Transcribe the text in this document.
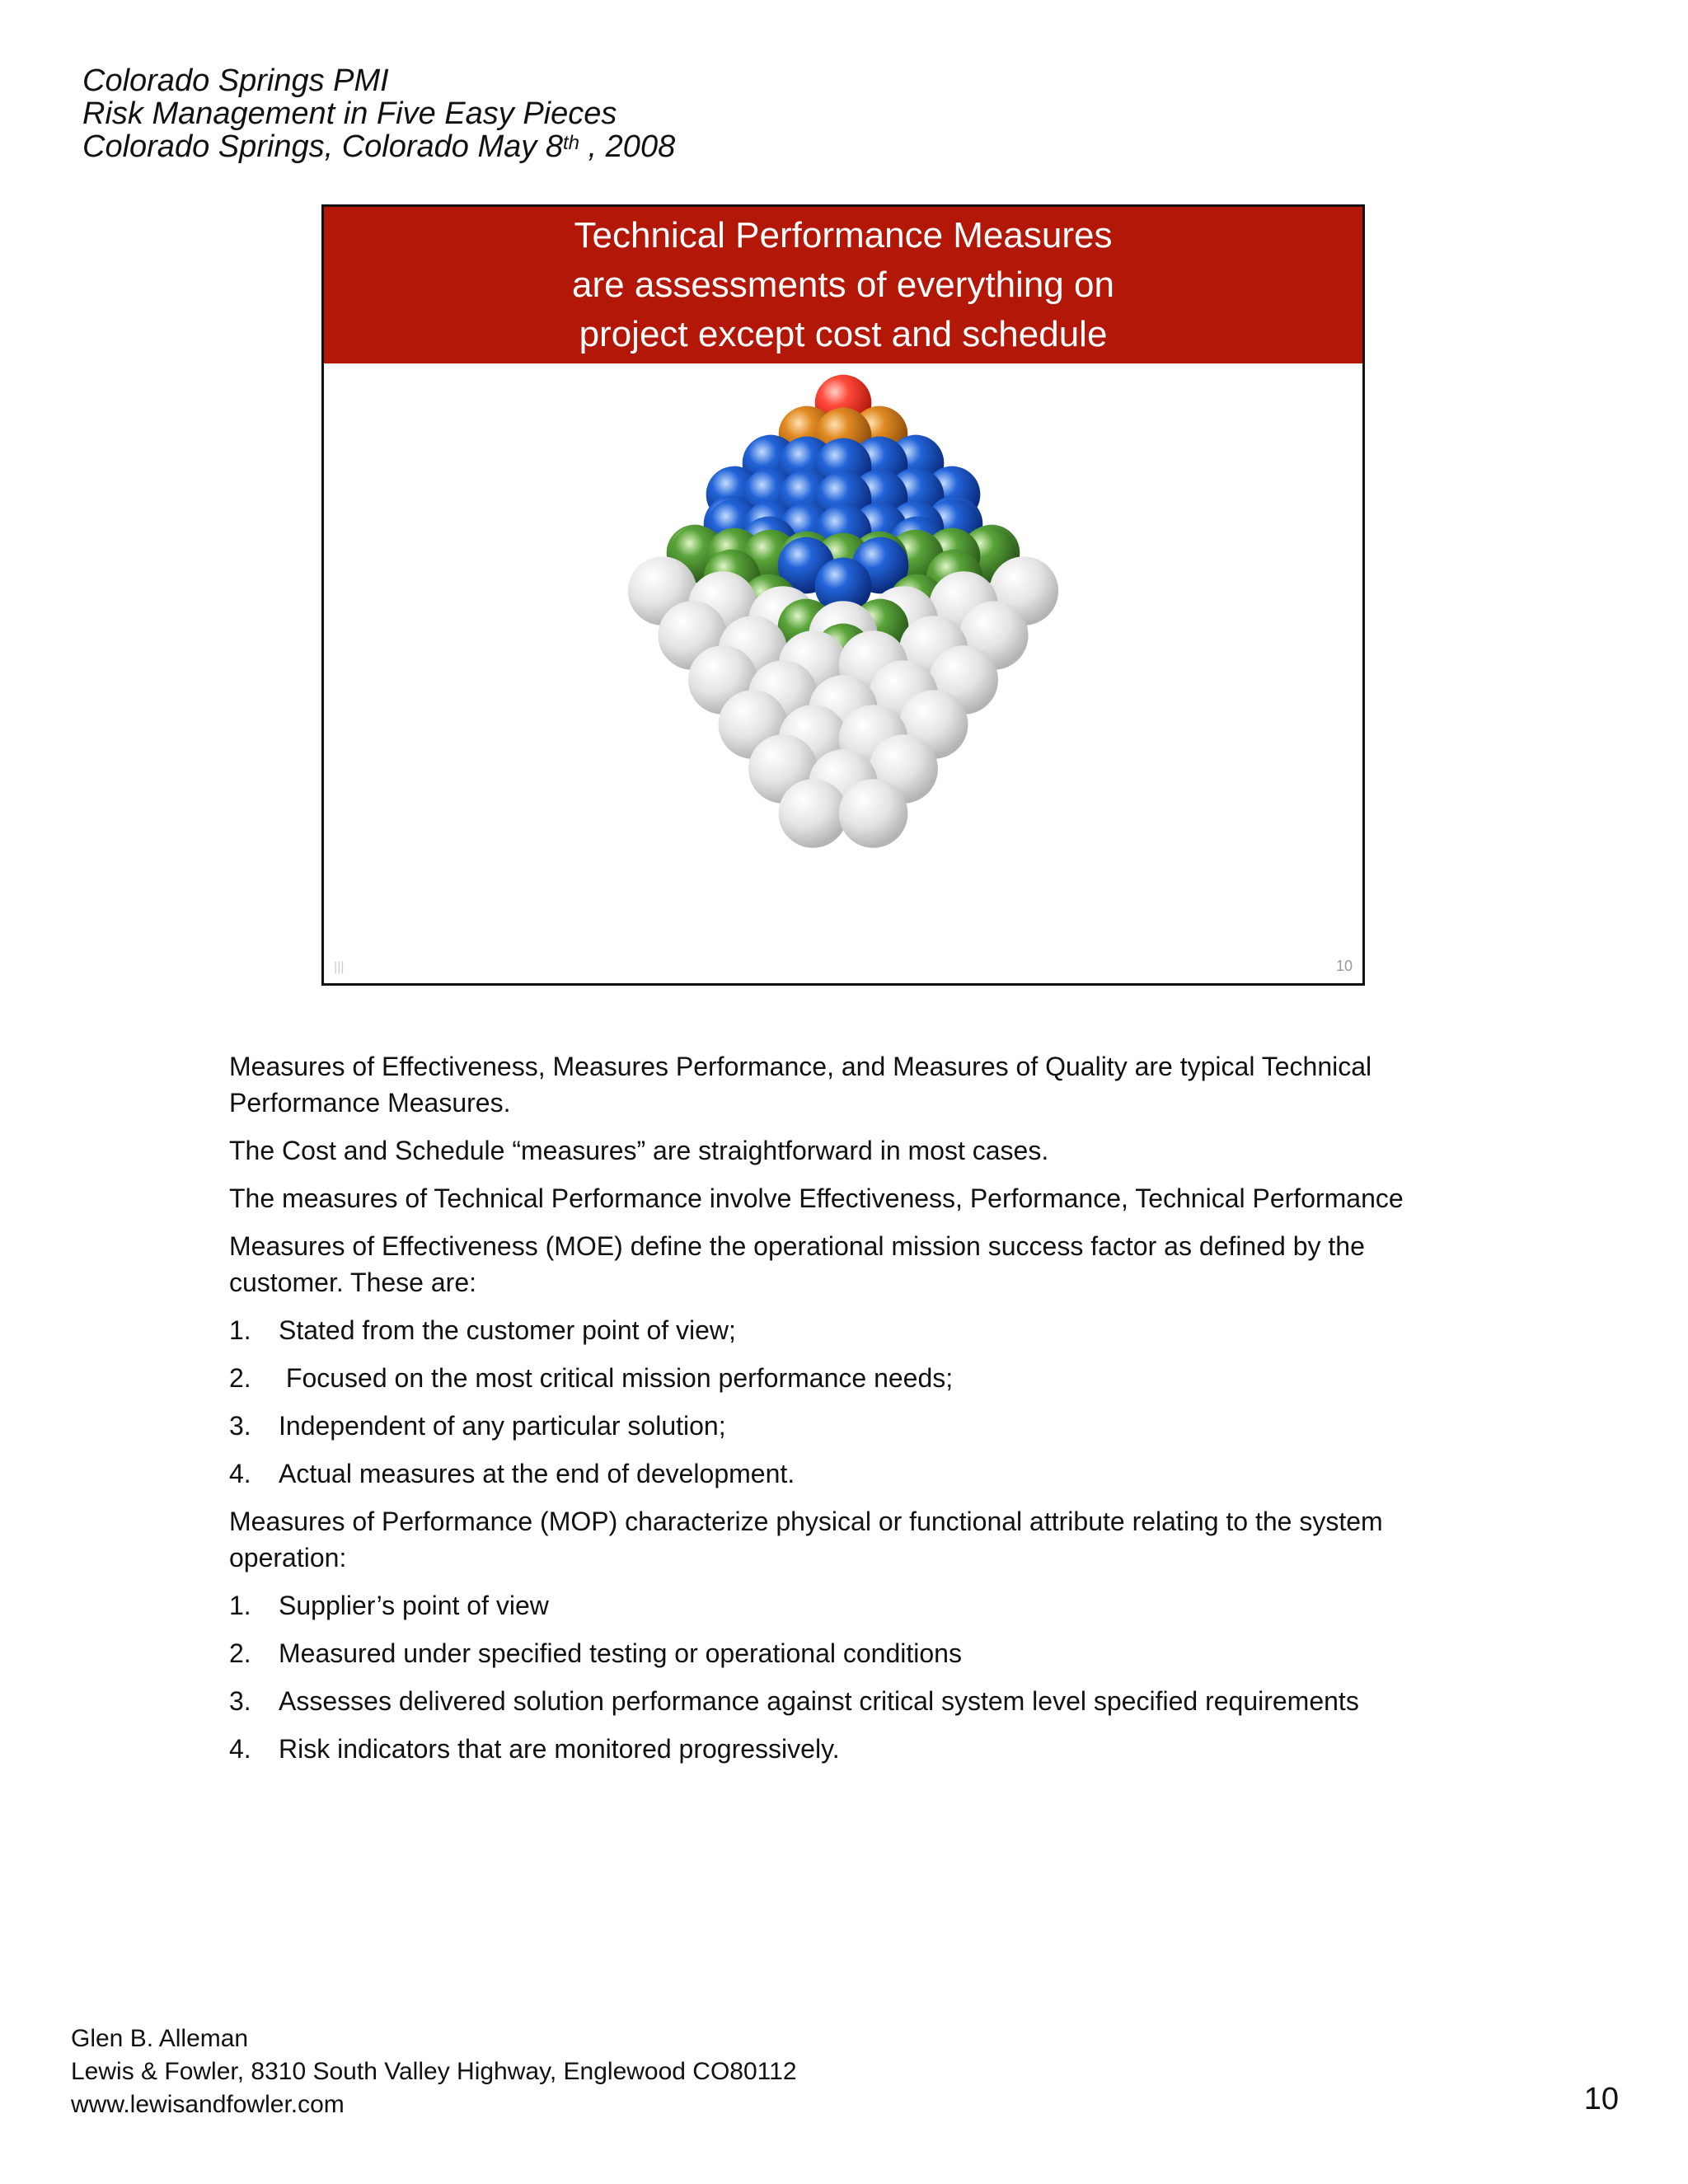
Colorado Springs PMI
Risk Management in Five Easy Pieces
Colorado Springs, Colorado May 8th , 2008
Technical Performance Measures
are assessments of everything on
project except cost and schedule
|||	10

Measures of Effectiveness, Measures Performance, and Measures of Quality are typical Technical Performance Measures.

The Cost and Schedule “measures” are straightforward in most cases.

The measures of Technical Performance involve Effectiveness, Performance, Technical Performance

Measures of Effectiveness (MOE) define the operational mission success factor as defined by the customer. These are:

1.	Stated from the customer point of view;
2.	Focused on the most critical mission performance needs;
3.	Independent of any particular solution;
4.	Actual measures at the end of development.

Measures of Performance (MOP) characterize physical or functional attribute relating to the system operation:

1.	Supplier’s point of view
2.	Measured under specified testing or operational conditions
3.	Assesses delivered solution performance against critical system level specified requirements
4.	Risk indicators that are monitored progressively.
Glen B. Alleman
Lewis & Fowler, 8310 South Valley Highway, Englewood CO80112
www.lewisandfowler.com	10
